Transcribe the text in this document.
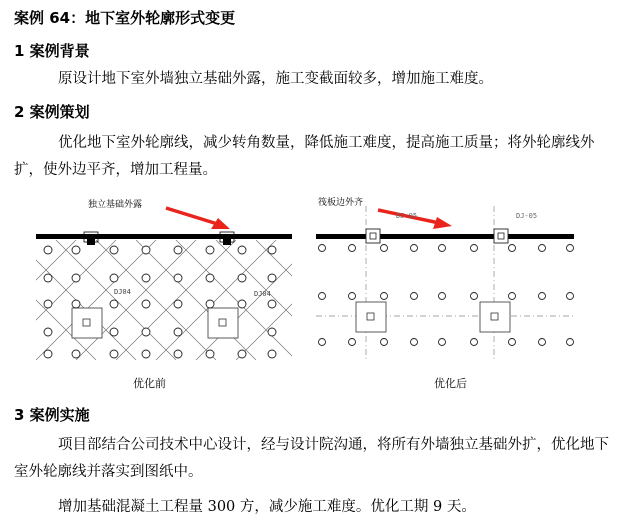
案例 64：地下室外轮廓形式变更
1 案例背景
原设计地下室外墙独立基础外露，施工变截面较多，增加施工难度。
2 案例策划
优化地下室外轮廓线，减少转角数量，降低施工难度，提高施工质量；将外轮廓线外扩，使外边平齐，增加工程量。
独立基础外露
DJ04	DJ04
优化前
筏板边外齐
DJ-05	DJ-05
优化后
3 案例实施
项目部结合公司技术中心设计，经与设计院沟通，将所有外墙独立基础外扩，优化地下室外轮廓线并落实到图纸中。
增加基础混凝土工程量 300 方，减少施工难度。优化工期 9 天。
